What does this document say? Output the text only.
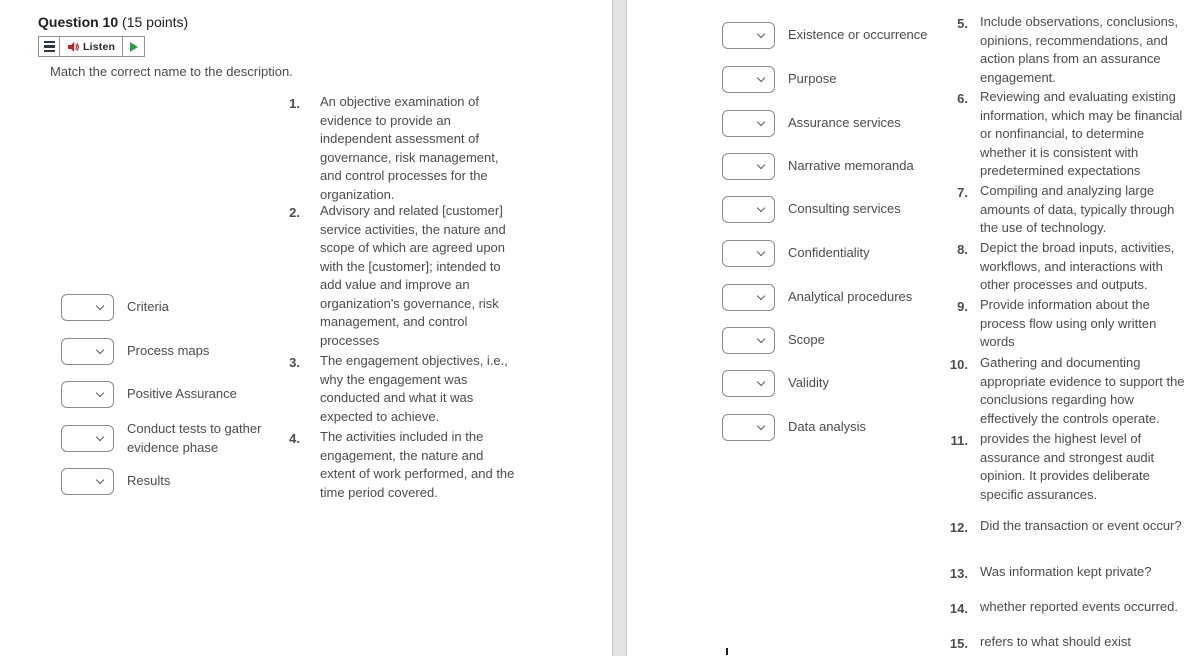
Question 10 (15 points)
Listen
Match the correct name to the description.
Criteria
Process maps
Positive Assurance
Conduct tests to gather evidence phase
Results
1. An objective examination of evidence to provide an independent assessment of governance, risk management, and control processes for the organization.
2. Advisory and related [customer] service activities, the nature and scope of which are agreed upon with the [customer]; intended to add value and improve an organization's governance, risk management, and control processes
3. The engagement objectives, i.e., why the engagement was conducted and what it was expected to achieve.
4. The activities included in the engagement, the nature and extent of work performed, and the time period covered.
Existence or occurrence
Purpose
Assurance services
Narrative memoranda
Consulting services
Confidentiality
Analytical procedures
Scope
Validity
Data analysis
5. Include observations, conclusions, opinions, recommendations, and action plans from an assurance engagement.
6. Reviewing and evaluating existing information, which may be financial or nonfinancial, to determine whether it is consistent with predetermined expectations
7. Compiling and analyzing large amounts of data, typically through the use of technology.
8. Depict the broad inputs, activities, workflows, and interactions with other processes and outputs.
9. Provide information about the process flow using only written words
10. Gathering and documenting appropriate evidence to support the conclusions regarding how effectively the controls operate.
11. provides the highest level of assurance and strongest audit opinion. It provides deliberate specific assurances.
12. Did the transaction or event occur?
13. Was information kept private?
14. whether reported events occurred.
15. refers to what should exist
